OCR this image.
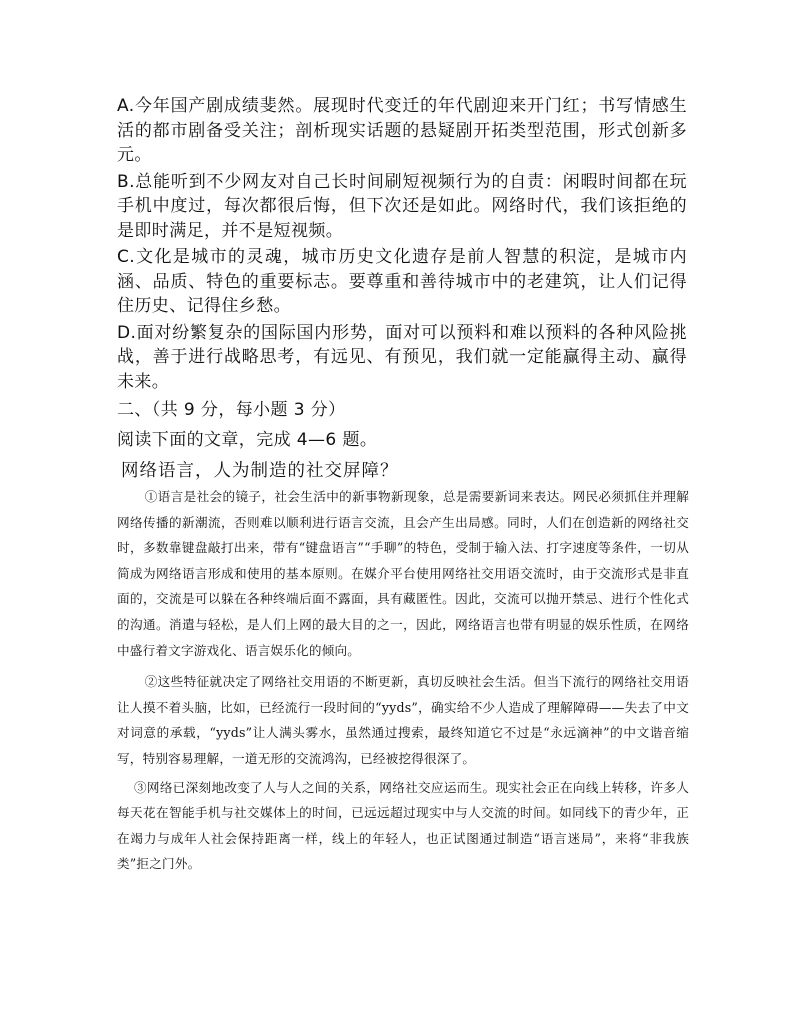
A.今年国产剧成绩斐然。展现时代变迁的年代剧迎来开门红；书写情感生活的都市剧备受关注；剖析现实话题的悬疑剧开拓类型范围，形式创新多元。

B.总能听到不少网友对自己长时间刷短视频行为的自责：闲暇时间都在玩手机中度过，每次都很后悔，但下次还是如此。网络时代，我们该拒绝的是即时满足，并不是短视频。

C.文化是城市的灵魂，城市历史文化遗存是前人智慧的积淀，是城市内涵、品质、特色的重要标志。要尊重和善待城市中的老建筑，让人们记得住历史、记得住乡愁。

D.面对纷繁复杂的国际国内形势，面对可以预料和难以预料的各种风险挑战，善于进行战略思考，有远见、有预见，我们就一定能赢得主动、赢得未来。

二、（共 9 分，每小题 3 分）
阅读下面的文章，完成 4—6 题。
网络语言，人为制造的社交屏障？

①语言是社会的镜子，社会生活中的新事物新现象，总是需要新词来表达。网民必须抓住并理解网络传播的新潮流，否则难以顺利进行语言交流，且会产生出局感。同时，人们在创造新的网络社交时，多数靠键盘敲打出来，带有“键盘语言”“手聊”的特色，受制于输入法、打字速度等条件，一切从简成为网络语言形成和使用的基本原则。在媒介平台使用网络社交用语交流时，由于交流形式是非直面的，交流是可以躲在各种终端后面不露面，具有藏匿性。因此，交流可以抛开禁忌、进行个性化式的沟通。消遣与轻松，是人们上网的最大目的之一，因此，网络语言也带有明显的娱乐性质，在网络中盛行着文字游戏化、语言娱乐化的倾向。

②这些特征就决定了网络社交用语的不断更新，真切反映社会生活。但当下流行的网络社交用语让人摸不着头脑，比如，已经流行一段时间的“yyds”，确实给不少人造成了理解障碍——失去了中文对词意的承载，“yyds”让人满头雾水，虽然通过搜索，最终知道它不过是“永远滴神”的中文谐音缩写，特别容易理解，一道无形的交流鸿沟，已经被挖得很深了。

③网络已深刻地改变了人与人之间的关系，网络社交应运而生。现实社会正在向线上转移，许多人每天花在智能手机与社交媒体上的时间，已远远超过现实中与人交流的时间。如同线下的青少年，正在竭力与成年人社会保持距离一样，线上的年轻人，也正试图通过制造“语言迷局”，来将“非我族类”拒之门外。
